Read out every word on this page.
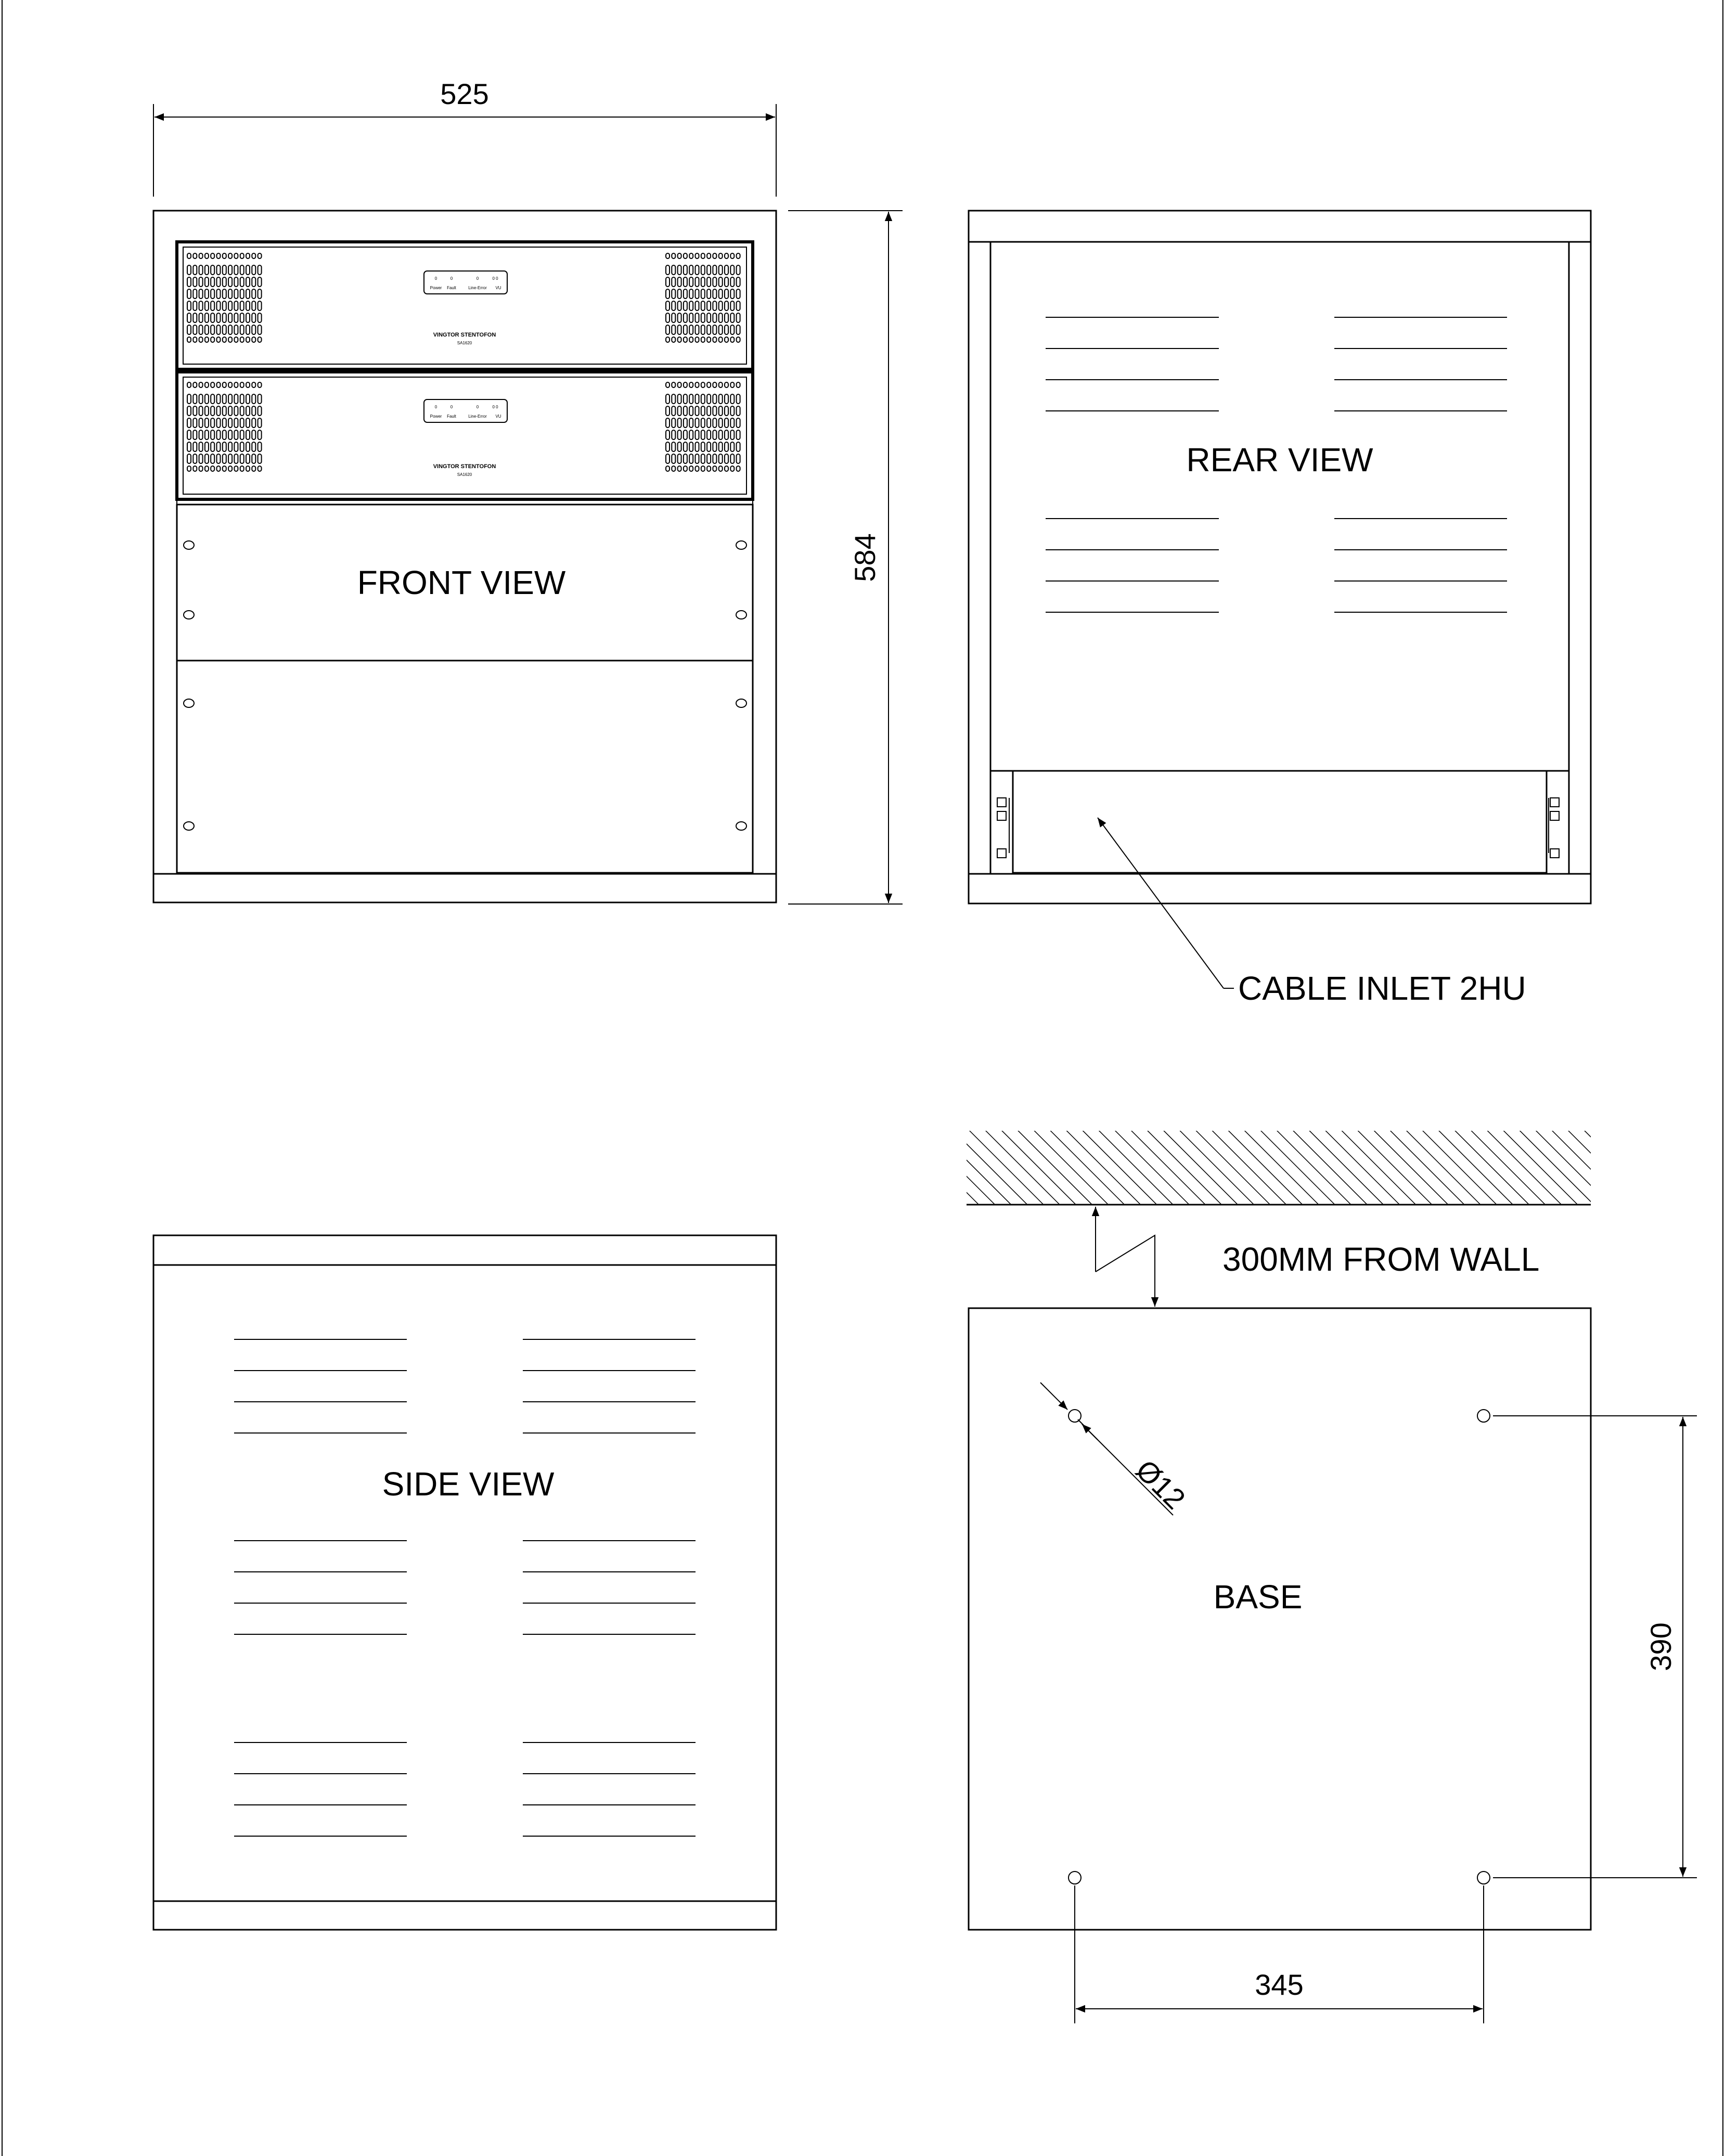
525
0	0	0	0 0
Power Fault	Line-Error VU
VINGTOR STENTOFON
SA1620
0	0	0	0 0
Power Fault	Line-Error VU
VINGTOR STENTOFON
SA1620
FRONT VIEW
584
REAR VIEW
CABLE INLET 2HU
SIDE VIEW
300MM FROM WALL
BASE
Ø12
390
345
